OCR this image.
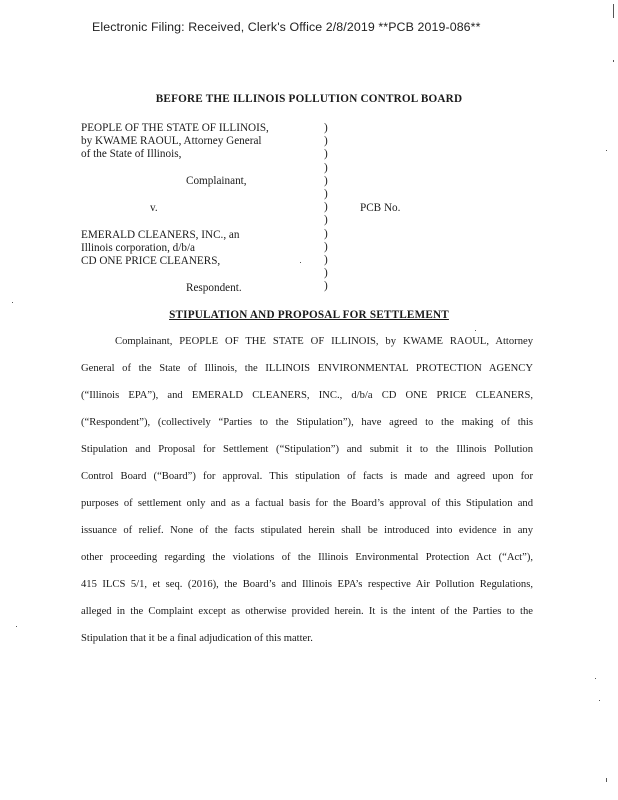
Electronic Filing: Received, Clerk's Office 2/8/2019 **PCB 2019-086**
BEFORE THE ILLINOIS POLLUTION CONTROL BOARD
PEOPLE OF THE STATE OF ILLINOIS,
by KWAME RAOUL, Attorney General
of the State of Illinois,
Complainant,
v.
EMERALD CLEANERS, INC., an
Illinois corporation, d/b/a
CD ONE PRICE CLEANERS,
Respondent.
)
)
)
)
)
)
)
)
)
)
)
)
)
PCB No.
STIPULATION AND PROPOSAL FOR SETTLEMENT
Complainant, PEOPLE OF THE STATE OF ILLINOIS, by KWAME RAOUL, Attorney
General of the State of Illinois, the ILLINOIS ENVIRONMENTAL PROTECTION AGENCY
(“Illinois EPA”), and EMERALD CLEANERS, INC., d/b/a CD ONE PRICE CLEANERS,
(“Respondent”), (collectively “Parties to the Stipulation”), have agreed to the making of this
Stipulation and Proposal for Settlement (“Stipulation”) and submit it to the Illinois Pollution
Control Board (“Board”) for approval. This stipulation of facts is made and agreed upon for
purposes of settlement only and as a factual basis for the Board’s approval of this Stipulation and
issuance of relief. None of the facts stipulated herein shall be introduced into evidence in any
other proceeding regarding the violations of the Illinois Environmental Protection Act (“Act”),
415 ILCS 5/1, et seq. (2016), the Board’s and Illinois EPA’s respective Air Pollution Regulations,
alleged in the Complaint except as otherwise provided herein. It is the intent of the Parties to the
Stipulation that it be a final adjudication of this matter.
